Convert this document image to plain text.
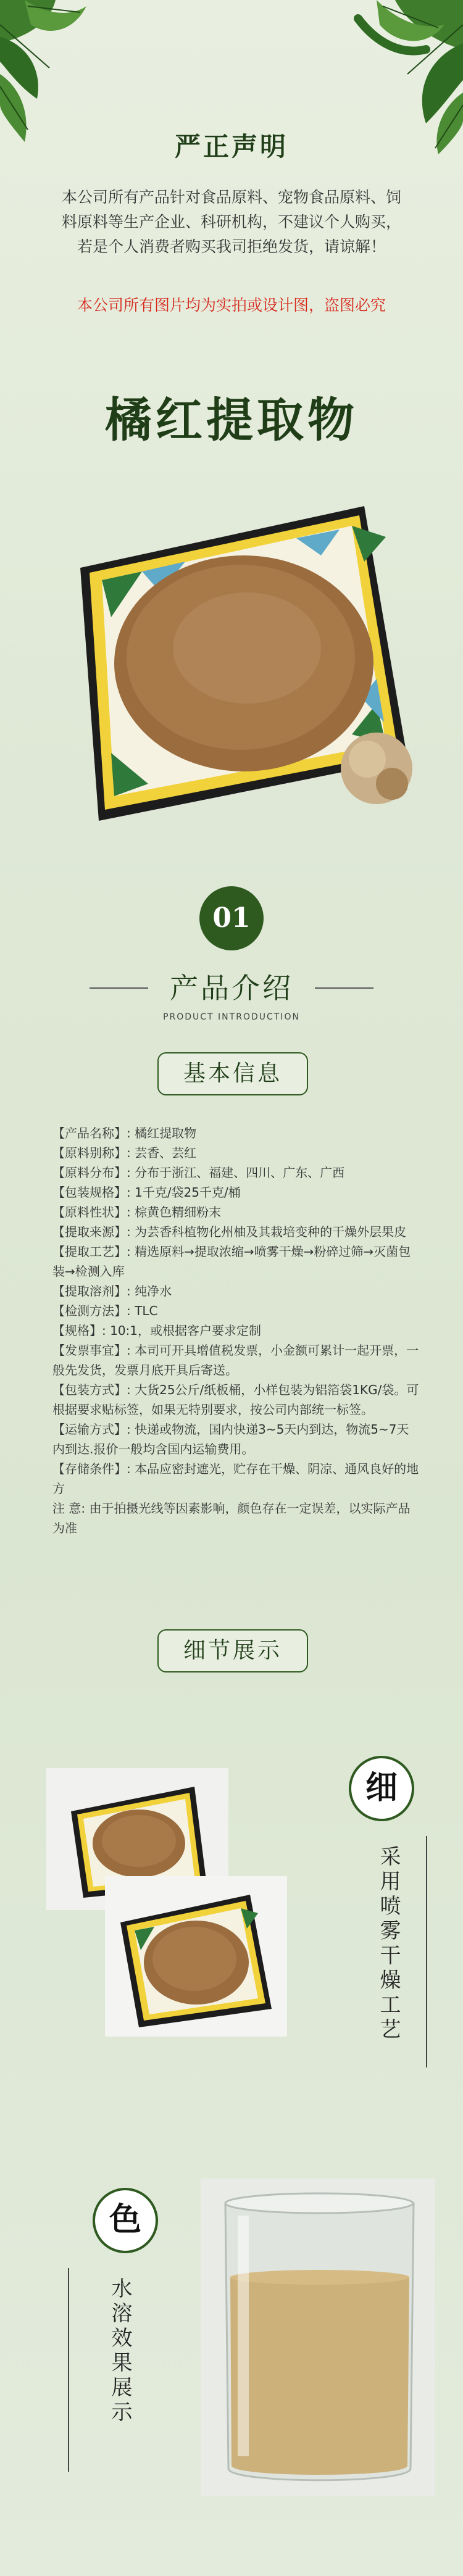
严正声明
本公司所有产品针对食品原料、宠物食品原料、饲料原料等生产企业、科研机构，不建议个人购买，若是个人消费者购买我司拒绝发货，请谅解！
本公司所有图片均为实拍或设计图，盗图必究
橘红提取物
01
产品介绍
PRODUCT INTRODUCTION
基本信息
【产品名称】: 橘红提取物
【原料别称】: 芸香、芸红
【原料分布】: 分布于浙江、福建、四川、广东、广西
【包装规格】: 1千克/袋25千克/桶
【原料性状】: 棕黄色精细粉末
【提取来源】: 为芸香科植物化州柚及其栽培变种的干燥外层果皮
【提取工艺】: 精选原料→提取浓缩→喷雾干燥→粉碎过筛→灭菌包装→检测入库
【提取溶剂】: 纯净水
【检测方法】: TLC
【规格】: 10:1，或根据客户要求定制
【发票事宜】: 本司可开具增值税发票，小金额可累计一起开票，一般先发货，发票月底开具后寄送。
【包装方式】: 大货25公斤/纸板桶，小样包装为铝箔袋1KG/袋。可根据要求贴标签，如果无特别要求，按公司内部统一标签。
【运输方式】: 快递或物流，国内快递3~5天内到达，物流5~7天内到达.报价一般均含国内运输费用。
【存储条件】: 本品应密封遮光，贮存在干燥、阴凉、通风良好的地方
注 意: 由于拍摄光线等因素影响，颜色存在一定误差，以实际产品为准
细节展示
细
采用喷雾干燥工艺
色
水溶效果展示
